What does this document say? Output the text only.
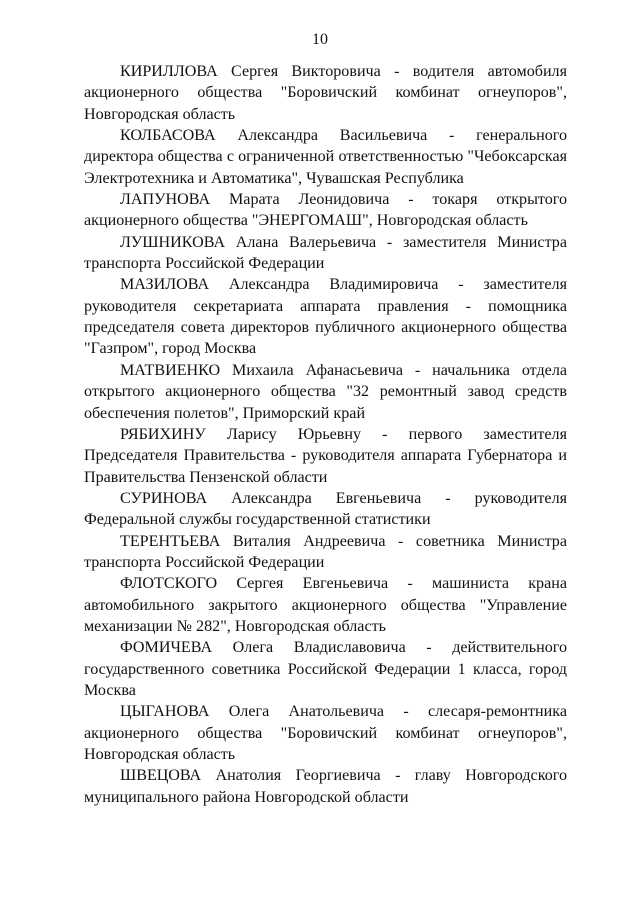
10

КИРИЛЛОВА Сергея Викторовича - водителя автомобиля акционерного общества "Боровичский комбинат огнеупоров", Новгородская область

КОЛБАСОВА Александра Васильевича - генерального директора общества с ограниченной ответственностью "Чебоксарская Электротехника и Автоматика", Чувашская Республика

ЛАПУНОВА Марата Леонидовича - токаря открытого акционерного общества "ЭНЕРГОМАШ", Новгородская область

ЛУШНИКОВА Алана Валерьевича - заместителя Министра транспорта Российской Федерации

МАЗИЛОВА Александра Владимировича - заместителя руководителя секретариата аппарата правления - помощника председателя совета директоров публичного акционерного общества "Газпром", город Москва

МАТВИЕНКО Михаила Афанасьевича - начальника отдела открытого акционерного общества "32 ремонтный завод средств обеспечения полетов", Приморский край

РЯБИХИНУ Ларису Юрьевну - первого заместителя Председателя Правительства - руководителя аппарата Губернатора и Правительства Пензенской области

СУРИНОВА Александра Евгеньевича - руководителя Федеральной службы государственной статистики

ТЕРЕНТЬЕВА Виталия Андреевича - советника Министра транспорта Российской Федерации

ФЛОТСКОГО Сергея Евгеньевича - машиниста крана автомобильного закрытого акционерного общества "Управление механизации № 282", Новгородская область

ФОМИЧЕВА Олега Владиславовича - действительного государственного советника Российской Федерации 1 класса, город Москва

ЦЫГАНОВА Олега Анатольевича - слесаря-ремонтника акционерного общества "Боровичский комбинат огнеупоров", Новгородская область

ШВЕЦОВА Анатолия Георгиевича - главу Новгородского муниципального района Новгородской области
